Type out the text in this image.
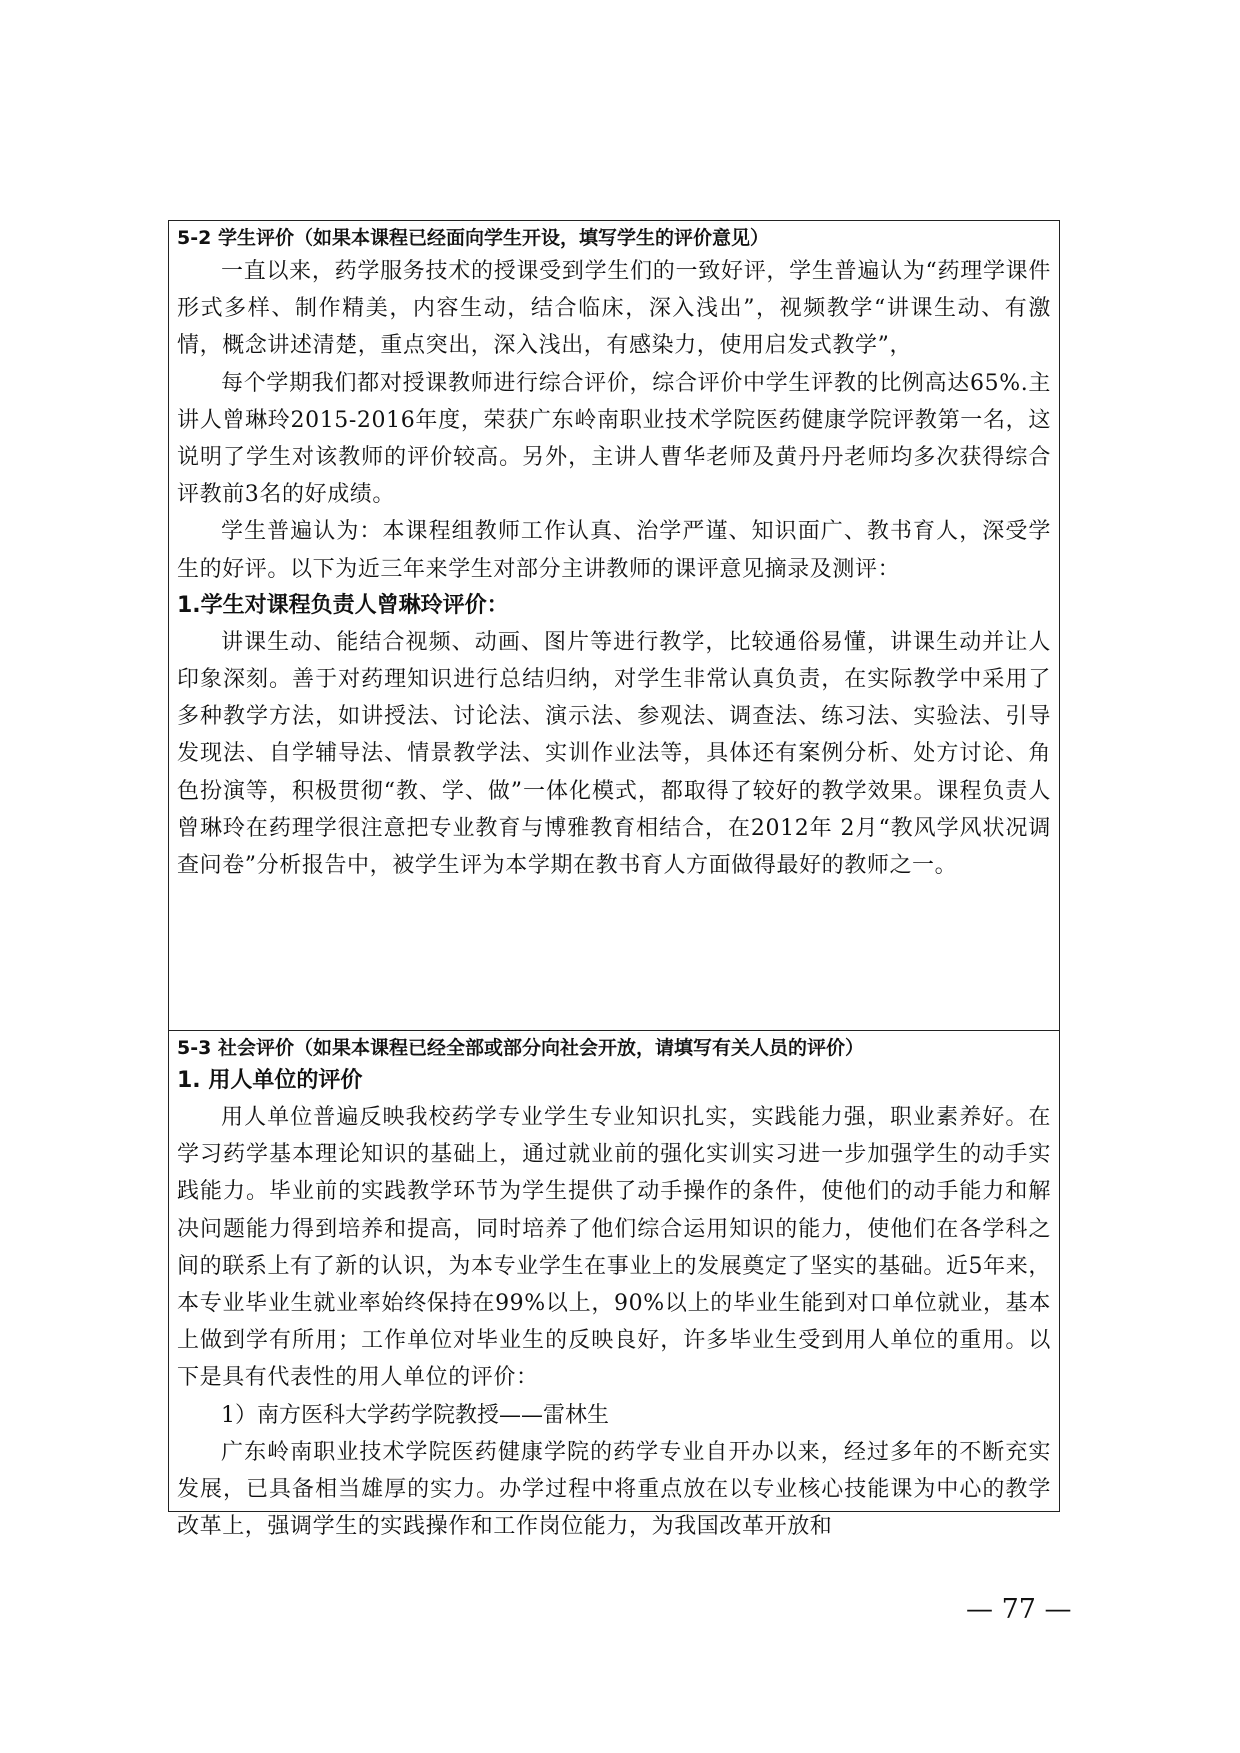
5-2 学生评价（如果本课程已经面向学生开设，填写学生的评价意见）

一直以来，药学服务技术的授课受到学生们的一致好评，学生普遍认为“药理学课件形式多样、制作精美，内容生动，结合临床，深入浅出”，视频教学“讲课生动、有激情，概念讲述清楚，重点突出，深入浅出，有感染力，使用启发式教学”，

每个学期我们都对授课教师进行综合评价，综合评价中学生评教的比例高达65%.主讲人曾琳玲2015-2016年度，荣获广东岭南职业技术学院医药健康学院评教第一名，这说明了学生对该教师的评价较高。另外，主讲人曹华老师及黄丹丹老师均多次获得综合评教前3名的好成绩。

学生普遍认为：本课程组教师工作认真、治学严谨、知识面广、教书育人，深受学生的好评。以下为近三年来学生对部分主讲教师的课评意见摘录及测评：

1.学生对课程负责人曾琳玲评价：

讲课生动、能结合视频、动画、图片等进行教学，比较通俗易懂，讲课生动并让人印象深刻。善于对药理知识进行总结归纳，对学生非常认真负责，在实际教学中采用了多种教学方法，如讲授法、讨论法、演示法、参观法、调查法、练习法、实验法、引导发现法、自学辅导法、情景教学法、实训作业法等，具体还有案例分析、处方讨论、角色扮演等，积极贯彻“教、学、做”一体化模式，都取得了较好的教学效果。课程负责人曾琳玲在药理学很注意把专业教育与博雅教育相结合，在2012年 2月“教风学风状况调查问卷”分析报告中，被学生评为本学期在教书育人方面做得最好的教师之一。

5-3 社会评价（如果本课程已经全部或部分向社会开放，请填写有关人员的评价）
1. 用人单位的评价

用人单位普遍反映我校药学专业学生专业知识扎实，实践能力强，职业素养好。在学习药学基本理论知识的基础上，通过就业前的强化实训实习进一步加强学生的动手实践能力。毕业前的实践教学环节为学生提供了动手操作的条件，使他们的动手能力和解决问题能力得到培养和提高，同时培养了他们综合运用知识的能力，使他们在各学科之间的联系上有了新的认识，为本专业学生在事业上的发展奠定了坚实的基础。近5年来，本专业毕业生就业率始终保持在99%以上，90%以上的毕业生能到对口单位就业，基本上做到学有所用；工作单位对毕业生的反映良好，许多毕业生受到用人单位的重用。以下是具有代表性的用人单位的评价：

1）南方医科大学药学院教授——雷林生

广东岭南职业技术学院医药健康学院的药学专业自开办以来，经过多年的不断充实发展，已具备相当雄厚的实力。办学过程中将重点放在以专业核心技能课为中心的教学改革上，强调学生的实践操作和工作岗位能力，为我国改革开放和

— 77 —
